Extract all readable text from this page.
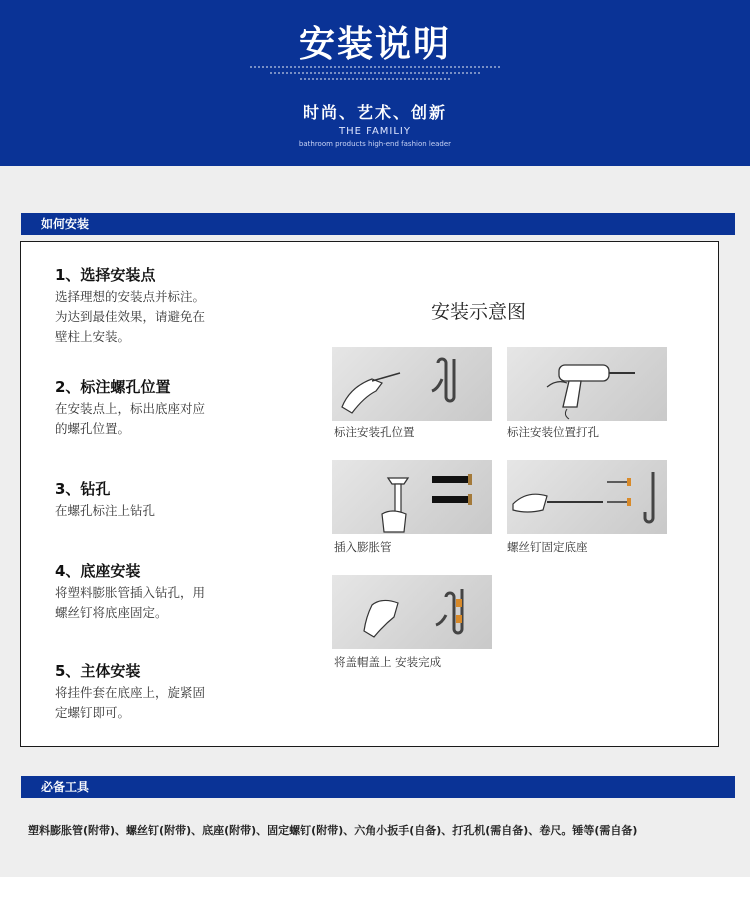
安装说明
时尚、艺术、创新
THE FAMILIY
bathroom products high-end fashion leader
如何安装
1、选择安装点
选择理想的安装点并标注。
为达到最佳效果，请避免在
壁柱上安装。
2、标注螺孔位置
在安装点上，标出底座对应
的螺孔位置。
3、钻孔
在螺孔标注上钻孔
4、底座安装
将塑料膨胀管插入钻孔，用
螺丝钉将底座固定。
5、主体安装
将挂件套在底座上，旋紧固
定螺钉即可。
安装示意图
标注安装孔位置	标注安装位置打孔
插入膨胀管	螺丝钉固定底座
将盖帽盖上 安装完成
必备工具
塑料膨胀管(附带)、螺丝钉(附带)、底座(附带)、固定螺钉(附带)、六角小扳手(自备)、打孔机(需自备)、卷尺。锤等(需自备)
